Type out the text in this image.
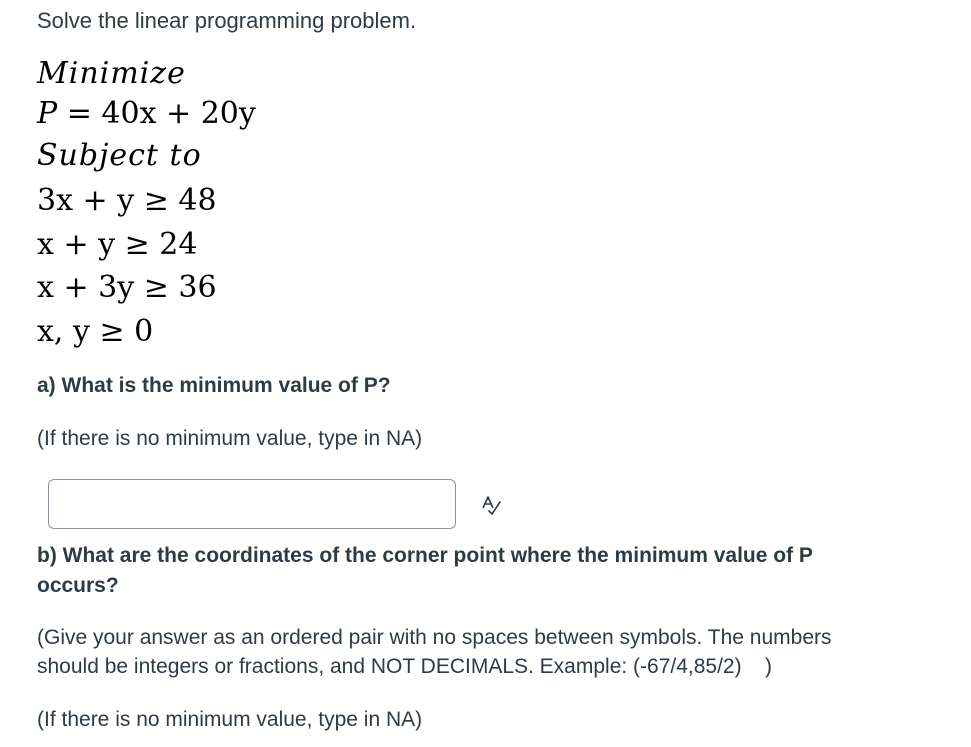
Solve the linear programming problem.
Minimize
P = 40x + 20y
Subject to
3x + y ≥ 48
x + y ≥ 24
x + 3y ≥ 36
x, y ≥ 0
a) What is the minimum value of P?
(If there is no minimum value, type in NA)
b) What are the coordinates of the corner point where the minimum value of P
occurs?
(Give your answer as an ordered pair with no spaces between symbols. The numbers
should be integers or fractions, and NOT DECIMALS. Example: (-67/4,85/2)    )
(If there is no minimum value, type in NA)
